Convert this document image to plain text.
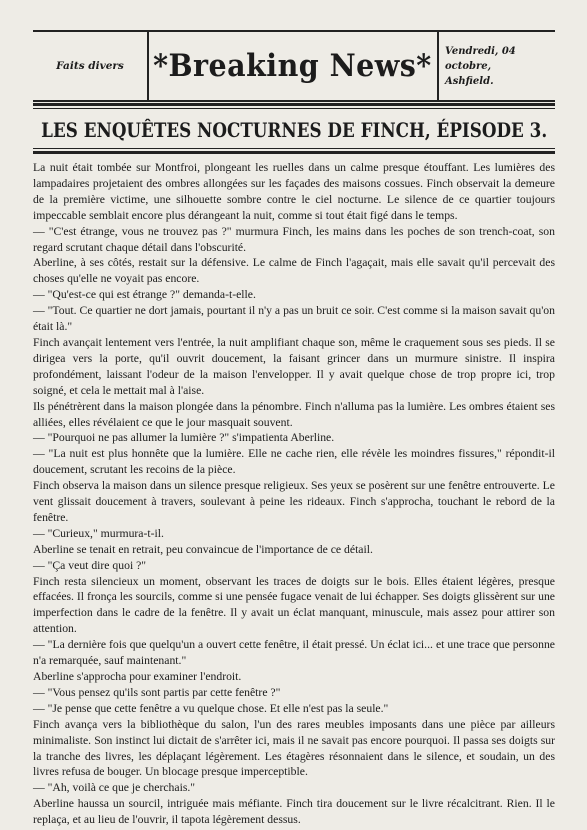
Faits divers *Breaking News* Vendredi, 04 octobre,
Ashfield.
LES ENQUÊTES NOCTURNES DE FINCH, ÉPISODE 3.

La nuit était tombée sur Montfroi, plongeant les ruelles dans un calme presque étouffant. Les lumières des lampadaires projetaient des ombres allongées sur les façades des maisons cossues. Finch observait la demeure de la première victime, une silhouette sombre contre le ciel nocturne. Le silence de ce quartier toujours impeccable semblait encore plus dérangeant la nuit, comme si tout était figé dans le temps.

— "C'est étrange, vous ne trouvez pas ?" murmura Finch, les mains dans les poches de son trench-coat, son regard scrutant chaque détail dans l'obscurité.

Aberline, à ses côtés, restait sur la défensive. Le calme de Finch l'agaçait, mais elle savait qu'il percevait des choses qu'elle ne voyait pas encore.

— "Qu'est-ce qui est étrange ?" demanda-t-elle.

— "Tout. Ce quartier ne dort jamais, pourtant il n'y a pas un bruit ce soir. C'est comme si la maison savait qu'on était là."

Finch avançait lentement vers l'entrée, la nuit amplifiant chaque son, même le craquement sous ses pieds. Il se dirigea vers la porte, qu'il ouvrit doucement, la faisant grincer dans un murmure sinistre. Il inspira profondément, laissant l'odeur de la maison l'envelopper. Il y avait quelque chose de trop propre ici, trop soigné, et cela le mettait mal à l'aise.

Ils pénétrèrent dans la maison plongée dans la pénombre. Finch n'alluma pas la lumière. Les ombres étaient ses alliées, elles révélaient ce que le jour masquait souvent.

— "Pourquoi ne pas allumer la lumière ?" s'impatienta Aberline.

— "La nuit est plus honnête que la lumière. Elle ne cache rien, elle révèle les moindres fissures," répondit-il doucement, scrutant les recoins de la pièce.

Finch observa la maison dans un silence presque religieux. Ses yeux se posèrent sur une fenêtre entrouverte. Le vent glissait doucement à travers, soulevant à peine les rideaux. Finch s'approcha, touchant le rebord de la fenêtre.

— "Curieux," murmura-t-il.

Aberline se tenait en retrait, peu convaincue de l'importance de ce détail.

— "Ça veut dire quoi ?"

Finch resta silencieux un moment, observant les traces de doigts sur le bois. Elles étaient légères, presque effacées. Il fronça les sourcils, comme si une pensée fugace venait de lui échapper. Ses doigts glissèrent sur une imperfection dans le cadre de la fenêtre. Il y avait un éclat manquant, minuscule, mais assez pour attirer son attention.

— "La dernière fois que quelqu'un a ouvert cette fenêtre, il était pressé. Un éclat ici... et une trace que personne n'a remarquée, sauf maintenant."

Aberline s'approcha pour examiner l'endroit.

— "Vous pensez qu'ils sont partis par cette fenêtre ?"

— "Je pense que cette fenêtre a vu quelque chose. Et elle n'est pas la seule."

Finch avança vers la bibliothèque du salon, l'un des rares meubles imposants dans une pièce par ailleurs minimaliste. Son instinct lui dictait de s'arrêter ici, mais il ne savait pas encore pourquoi. Il passa ses doigts sur la tranche des livres, les déplaçant légèrement. Les étagères résonnaient dans le silence, et soudain, un des livres refusa de bouger. Un blocage presque imperceptible.

— "Ah, voilà ce que je cherchais."

Aberline haussa un sourcil, intriguée mais méfiante. Finch tira doucement sur le livre récalcitrant. Rien. Il le replaça, et au lieu de l'ouvrir, il tapota légèrement dessus.
